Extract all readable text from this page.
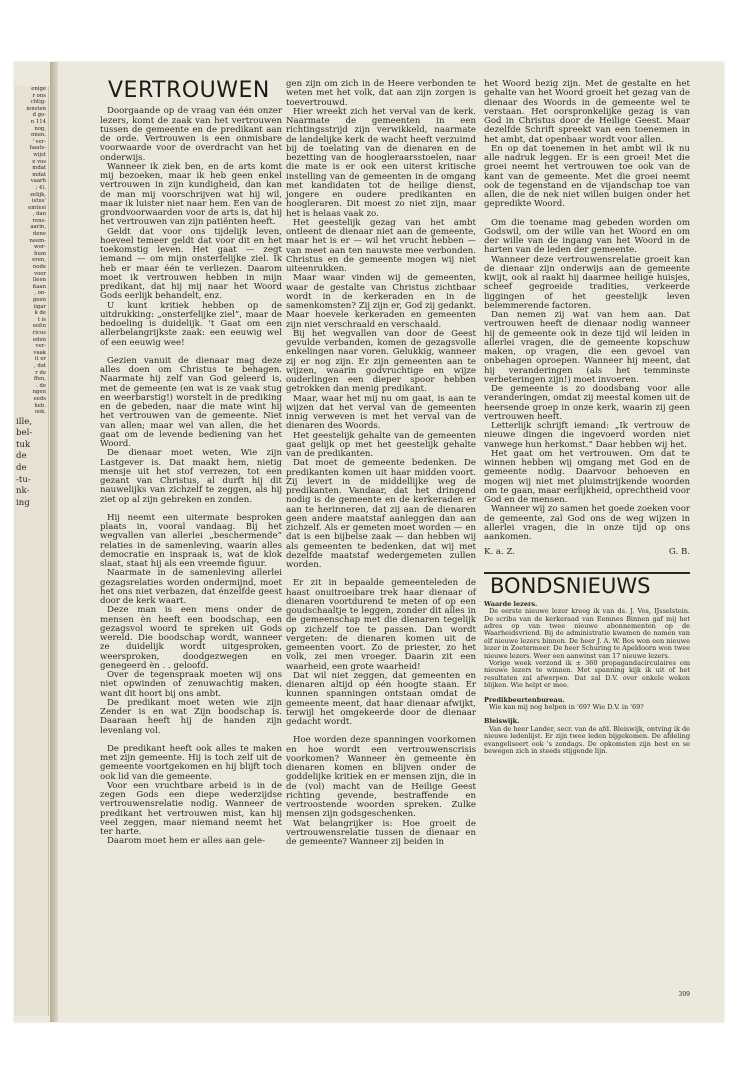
enige

r ons

chtig-

iensten

d ge-

n 114

nog,

nnen.

' ver-

haats-

wijst

e vos

mdat

mdat

vaarh

; 4).

zelijk,

istus'

emtesi

, dan

rens-

aarin,

dene

neem-

wor-

hum

eren,

node

voor

lleen

itaan

, on-

geen

iigar

k de

t is

eeßn

ricus

eden

ver-

vaak

it er

, dat

r de

ffen,

. de

ngen

eeds

heb.

ook.

ille,

bel-

tuk

de

de

-tu-

nk-

ing

VERTROUWEN

Doorgaande op de vraag van één onzer lezers, komt de zaak van het vertrouwen tussen de gemeente en de predikant aan de orde. Vertrouwen is een onmisbare voorwaarde voor de overdracht van het onderwijs.

Wanneer ik ziek ben, en de arts komt mij bezoeken, maar ik heb geen enkel vertrouwen in zijn kundigheid, dan kan de man mij voorschrijven wat hij wil, maar ik luister niet naar hem. Een van de grondvoorwaarden voor de arts is, dat hij het vertrouwen van zijn patiënten heeft.

Geldt dat voor ons tijdelijk leven, hoeveel temeer geldt dat voor dit en het toekomstig leven. Het gaat — zegt iemand — om mijn onsterfelijke ziel. Ik heb er maar één te verliezen. Daarom moet ik vertrouwen hebben in mijn predikant, dat hij mij naar het Woord Gods eerlijk behandelt, enz.

U kunt kritiek hebben op de uitdrukking: „onsterfelijke ziel”, maar de bedoeling is duidelijk. 't Gaat om een allerbelangrijkste zaak: een eeuwig wel of een eeuwig wee!

Gezien vanuit de dienaar mag deze alles doen om Christus te behagen. Naarmate hij zelf van God geleerd is, met de gemeente (en wat is ze vaak stug en weerbarstig!) worstelt in de prediking en de gebeden, naar die mate wint hij het vertrouwen van de gemeente. Niet van allen; maar wel van allen, die het gaat om de levende bediening van het Woord.

De dienaar moet weten, Wie zijn Lastgever is. Dat maakt hem, nietig mensje uit het stof verrezen, tot een gezant van Christus, al durft hij dit nauwelijks van zichzelf te zeggen, als hij ziet op al zijn gebreken en zonden.

Hij neemt een uitermate besproken plaats in, vooral vandaag. Bij het wegvallen van allerlei „beschermende” relaties in de samenleving, waarin alles democratie en inspraak is, wat de klok slaat, staat hij als een vreemde figuur.

Naarmate in de samenleving allerlei gezagsrelaties worden ondermijnd, moet het ons niet verbazen, dat énzelfde geest door de kerk waart.

Deze man is een mens onder de mensen èn heeft een boodschap, een gezagsvol woord te spreken uit Gods wereld. Die boodschap wordt, wanneer ze duidelijk wordt uitgesproken, weersproken, doodgezwegen en genegeerd èn . . geloofd.

Over de tegenspraak moeten wij ons niet opwinden of zenuwachtig maken, want dit hoort bij ons ambt.

De predikant moet weten wie zijn Zender is en wat Zijn boodschap is. Daaraan heeft hij de handen zijn levenlang vol.

De predikant heeft ook alles te maken met zijn gemeente. Hij is toch zelf uit de gemeente voortgekomen en hij blijft toch ook lid van die gemeente.

Voor een vruchtbare arbeid is in de zegen Gods een diepe wederzijdse vertrouwensrelatie nodig. Wanneer de predikant het vertrouwen mist, kan hij veel zeggen, maar niemand neemt het ter harte.

Daarom moet hem er alles aan gele-

gen zijn om zich in de Heere verbonden te weten met het volk, dat aan zijn zorgen is toevertrouwd.

Hier wreekt zich het verval van de kerk. Naarmate de gemeenten in een richtingsstrijd zijn verwikkeld, naarmate de landelijke kerk de wacht heeft verzuimd bij de toelating van de dienaren en de bezetting van de hoogleraarsstoelen, naar die mate is er ook een uiterst kritische instelling van de gemeenten in de omgang met kandidaten tot de heilige dienst, jongere en oudere predikanten en hoogleraren. Dit moest zo niet zijn, maar het is helaas vaak zo.

Het geestelijk gezag van het ambt ontleent de dienaar niet aan de gemeente, maar het is er — wil het vrucht hebben — van meet aan ten nauwste mee verbonden. Christus en de gemeente mogen wij niet uiteenrukken.

Maar waar vinden wij de gemeenten, waar de gestalte van Christus zichtbaar wordt in de kerkeraden en in de samenkomsten? Zij zijn er, God zij gedankt. Maar hoevele kerkeraden en gemeenten zijn niet verschraald en verschaald.

Bij het wegvallen van door de Geest gevulde verbanden, komen de gezagsvolle enkelingen naar voren. Gelukkig, wanneer zij er nog zijn. Er zijn gemeenten aan te wijzen, waarin godvruchtige en wijze ouderlingen een dieper spoor hebben getrokken dan menig predikant.

Maar, waar het mij nu om gaat, is aan te wijzen dat het verval van de gemeenten innig verweven is met het verval van de dienaren des Woords.

Het geestelijk gehalte van de gemeenten gaat gelijk op met het geestelijk gehalte van de predikanten.

Dat moet de gemeente bedenken. De predikanten komen uit haar midden voort. Zij levert in de middellijke weg de predikanten. Vandaar, dat het dringend nodig is de gemeente en de kerkeraden er aan te herinneren, dat zij aan de dienaren geen andere maatstaf aanleggen dan aan zichzelf. Als er gemeten moet worden — en dat is een bijbelse zaak — dan hebben wij als gemeenten te bedenken, dat wij met dezelfde maatstaf wedergemeten zullen worden.

Er zit in bepaalde gemeenteleden de haast onuitroeibare trek haar dienaar of dienaren voortdurend te meten of op een goudschaaltje te leggen, zonder dit alles in de gemeenschap met die dienaren tegelijk op zichzelf toe te passen. Dan wordt vergeten: de dienaren komen uit de gemeenten voort. Zo de priester, zo het volk, zei men vroeger. Daarin zit een waarheid, een grote waarheid!

Dat wil niet zeggen, dat gemeenten en dienaren altijd op één hoogte staan. Er kunnen spanningen ontstaan omdat de gemeente meent, dat haar dienaar afwijkt, terwijl het omgekeerde door de dienaar gedacht wordt.

Hoe worden deze spanningen voorkomen en hoe wordt een vertrouwenscrisis voorkomen? Wanneer èn gemeente èn dienaren komen en blijven onder de goddelijke kritiek en er mensen zijn, die in de (vol) macht van de Heilige Geest richting gevende, bestraffende en vertroostende woorden spreken. Zulke mensen zijn godsgeschenken.

Wat belangrijker is: Hoe groeit de vertrouwensrelatie tussen de dienaar en de gemeente? Wanneer zij beiden in

het Woord bezig zijn. Met de gestalte en het gehalte van het Woord groeit het gezag van de dienaar des Woords in de gemeente wel te verstaan. Het oorspronkelijke gezag is van God in Christus door de Heilige Geest. Maar dezelfde Schrift spreekt van een toenemen in het ambt, dat openbaar wordt voor allen.

En op dat toenemen in het ambt wil ik nu alle nadruk leggen. Er is een groei! Met die groei neemt het vertrouwen toe ook van de kant van de gemeente. Met die groei neemt ook de tegenstand en de vijandschap toe van allen, die de nek niet willen buigen onder het gepredikte Woord.

Om die toename mag gebeden worden om Godswil, om der wille van het Woord en om der wille van de ingang van het Woord in de harten van de leden der gemeente.

Wanneer deze vertrouwensrelatie groeit kan de dienaar zijn onderwijs aan de gemeente kwijt, ook al raakt hij daarmee heilige huisjes, scheef gegroeide tradities, verkeerde liggingen of het geestelijk leven belemmerende factoren.

Dan nemen zij wat van hem aan. Dat vertrouwen heeft de dienaar nodig wanneer hij de gemeente ook in deze tijd wil leiden in allerlei vragen, die de gemeente kopschuw maken, op vragen, die een gevoel van onbehagen oproepen. Wanneer hij meent, dat hij veranderingen (als het temminste verbeteringen zijn!) moet invoeren.

De gemeente is zo doodsbang voor alle veranderingen, omdat zij meestal komen uit de heersende groep in onze kerk, waarin zij geen vertrouwen heeft.

Letterlijk schrijft iemand: „Ik vertrouw de nieuwe dingen die ingevoerd worden niet vanwege hun herkomst.” Daar hebben wij het.

Het gaat om het vertrouwen. Om dat te winnen hebben wij omgang met God en de gemeente nodig. Daarvoor behoeven en mogen wij niet met pluimstrijkende woorden om te gaan, maar eerlijkheid, oprechtheid voor God en de mensen.

Wanneer wij zo samen het goede zoeken voor de gemeente, zal God ons de weg wijzen in allerlei vragen, die in onze tijd op ons aankomen.

K. a. Z.	G. B.
BONDSNIEUWS

Waarde lezers.

De eerste nieuwe lezer kreeg ik van ds. J. Vos, IJsselstein. De scriba van de kerkeraad van Eemnes Binnen gaf mij het adres op van twee nieuwe abonnementen op de Waarheidsvriend. Bij de administratie kwamen de namen van elf nieuwe lezers binnen. De heer J. A. W. Bos won een nieuwe lezer in Zoetermeer. De heer Schuring te Apeldoorn won twee nieuwe lezers. Weer een aanwinst van 17 nieuwe lezers.

Vorige week verzond ik ± 360 propagandacirculaires om nieuwe lezers te winnen. Met spanning kijk ik uit of het resultaten zal afwerpen. Dat zal D.V. over enkele weken blijken. Wie helpt er mee.

Predikbeurtenbureau.

Wie kan mij nog helpen in '69? Wie D.V. in '69?

Bleiswijk.

Van de heer Lander, secr. van de afd. Bleiswijk, ontving ik de nieuwe ledenlijst. Er zijn twee leden bijgekomen. De afdeling evangeliseert ook 's zondags. De opkomsten zijn best en se bewegen zich in steeds stijgende lijn.

309
